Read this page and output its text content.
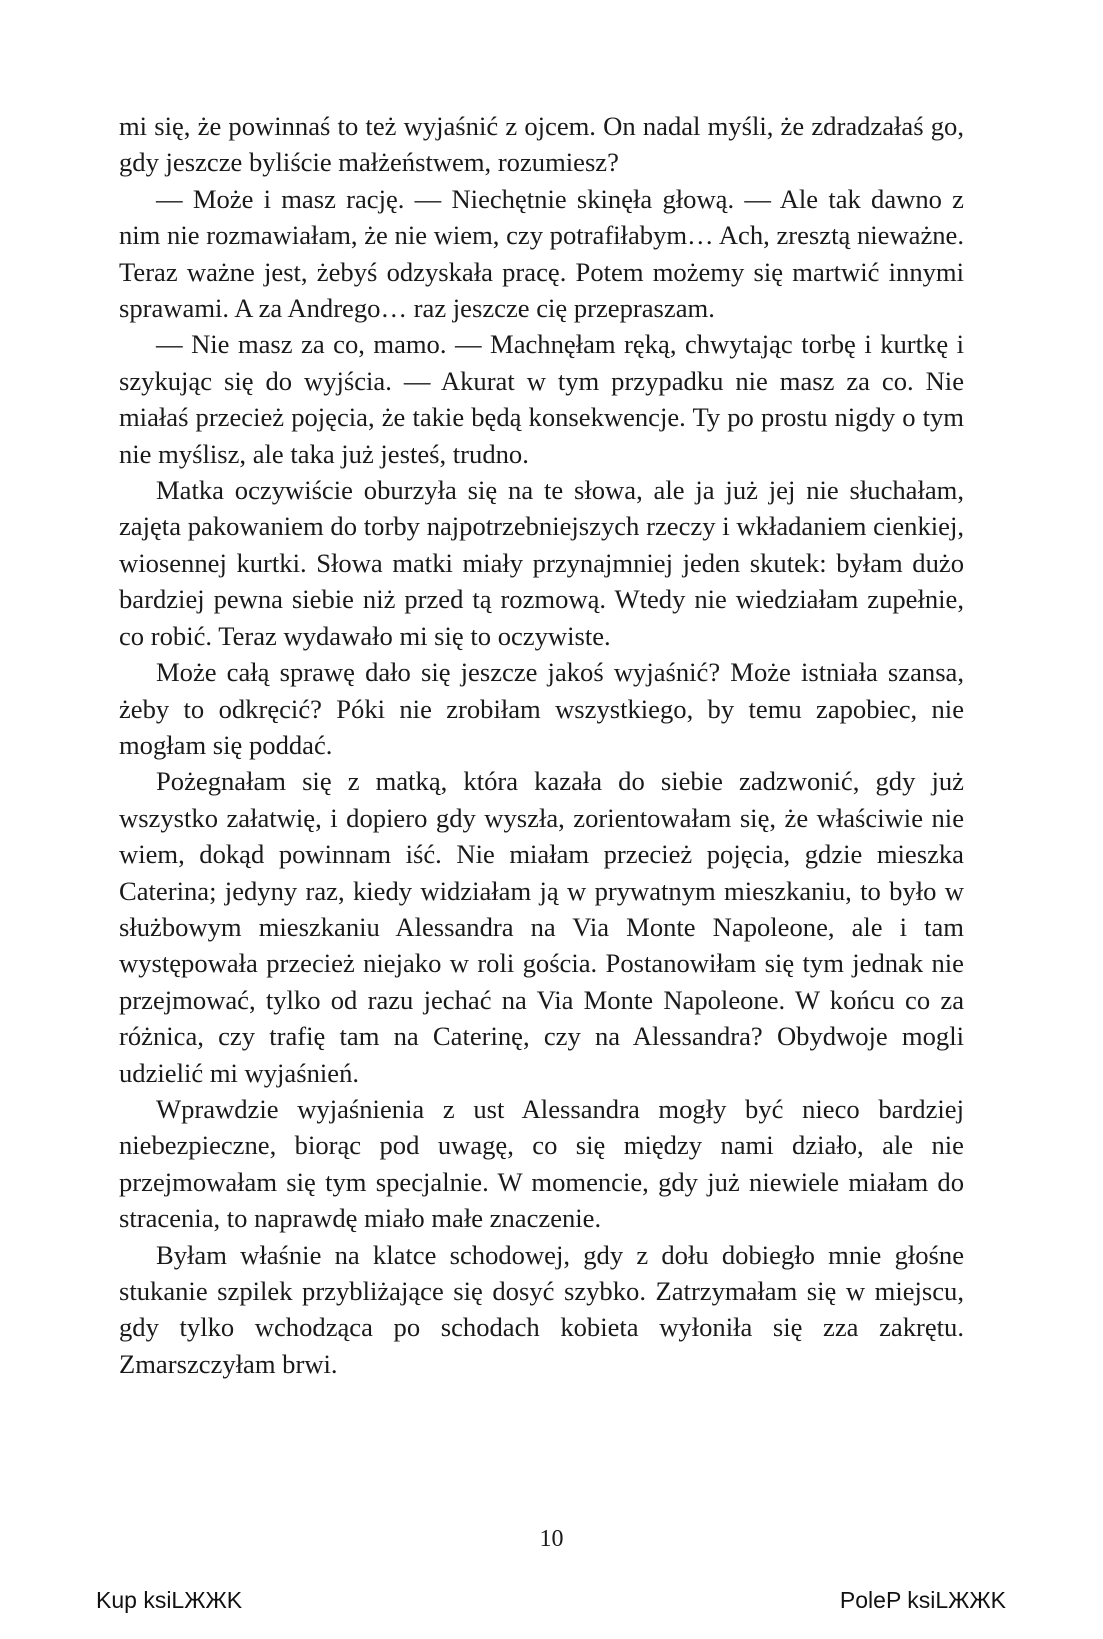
mi się, że powinnaś to też wyjaśnić z ojcem. On nadal myśli, że zdradzałaś go, gdy jeszcze byliście małżeństwem, rozumiesz?

— Może i masz rację. — Niechętnie skinęła głową. — Ale tak dawno z nim nie rozmawiałam, że nie wiem, czy potrafiłabym… Ach, zresztą nieważne. Teraz ważne jest, żebyś odzyskała pracę. Potem możemy się martwić innymi sprawami. A za Andrego… raz jeszcze cię przepraszam.

— Nie masz za co, mamo. — Machnęłam ręką, chwytając torbę i kurtkę i szykując się do wyjścia. — Akurat w tym przypadku nie masz za co. Nie miałaś przecież pojęcia, że takie będą konsekwencje. Ty po prostu nigdy o tym nie myślisz, ale taka już jesteś, trudno.

Matka oczywiście oburzyła się na te słowa, ale ja już jej nie słuchałam, zajęta pakowaniem do torby najpotrzebniejszych rzeczy i wkładaniem cienkiej, wiosennej kurtki. Słowa matki miały przynajmniej jeden skutek: byłam dużo bardziej pewna siebie niż przed tą rozmową. Wtedy nie wiedziałam zupełnie, co robić. Teraz wydawało mi się to oczywiste.

Może całą sprawę dało się jeszcze jakoś wyjaśnić? Może istniała szansa, żeby to odkręcić? Póki nie zrobiłam wszystkiego, by temu zapobiec, nie mogłam się poddać.

Pożegnałam się z matką, która kazała do siebie zadzwonić, gdy już wszystko załatwię, i dopiero gdy wyszła, zorientowałam się, że właściwie nie wiem, dokąd powinnam iść. Nie miałam przecież pojęcia, gdzie mieszka Caterina; jedyny raz, kiedy widziałam ją w prywatnym mieszkaniu, to było w służbowym mieszkaniu Alessandra na Via Monte Napoleone, ale i tam występowała przecież niejako w roli gościa. Postanowiłam się tym jednak nie przejmować, tylko od razu jechać na Via Monte Napoleone. W końcu co za różnica, czy trafię tam na Caterinę, czy na Alessandra? Obydwoje mogli udzielić mi wyjaśnień.

Wprawdzie wyjaśnienia z ust Alessandra mogły być nieco bardziej niebezpieczne, biorąc pod uwagę, co się między nami działo, ale nie przejmowałam się tym specjalnie. W momencie, gdy już niewiele miałam do stracenia, to naprawdę miało małe znaczenie.

Byłam właśnie na klatce schodowej, gdy z dołu dobiegło mnie głośne stukanie szpilek przybliżające się dosyć szybko. Zatrzymałam się w miejscu, gdy tylko wchodząca po schodach kobieta wyłoniła się zza zakrętu. Zmarszczyłam brwi.

10
Kup ksiLЖЖK	PoleP ksiLЖЖK
